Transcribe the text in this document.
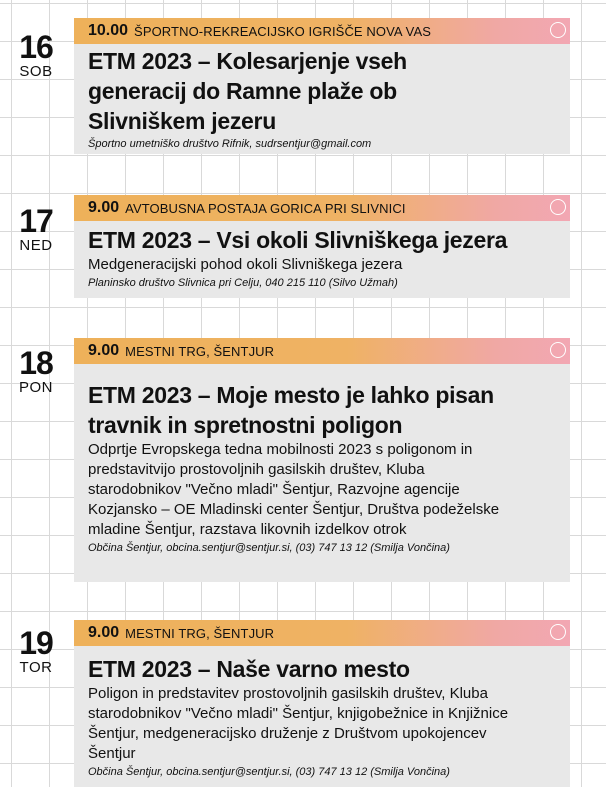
16
SOB
10.00 ŠPORTNO-REKREACIJSKO IGRIŠČE NOVA VAS
ETM 2023 – Kolesarjenje vseh generacij do Ramne plaže ob Slivniškem jezeru
Športno umetniško društvo Rifnik, sudrsentjur@gmail.com
17
NED
9.00 AVTOBUSNA POSTAJA GORICA PRI SLIVNICI
ETM 2023 – Vsi okoli Slivniškega jezera
Medgeneracijski pohod okoli Slivniškega jezera
Planinsko društvo Slivnica pri Celju, 040 215 110 (Silvo Užmah)
18
PON
9.00 MESTNI TRG, ŠENTJUR
ETM 2023 – Moje mesto je lahko pisan travnik in spretnostni poligon
Odprtje Evropskega tedna mobilnosti 2023 s poligonom in predstavitvijo prostovoljnih gasilskih društev, Kluba starodobnikov "Večno mladi" Šentjur, Razvojne agencije Kozjansko – OE Mladinski center Šentjur, Društva podeželske mladine Šentjur, razstava likovnih izdelkov otrok
Občina Šentjur, obcina.sentjur@sentjur.si, (03) 747 13 12 (Smilja Vončina)
19
TOR
9.00 MESTNI TRG, ŠENTJUR
ETM 2023 – Naše varno mesto
Poligon in predstavitev prostovoljnih gasilskih društev, Kluba starodobnikov "Večno mladi" Šentjur, knjigobežnice in Knjižnice Šentjur, medgeneracijsko druženje z Društvom upokojencev Šentjur
Občina Šentjur, obcina.sentjur@sentjur.si, (03) 747 13 12 (Smilja Vončina)
